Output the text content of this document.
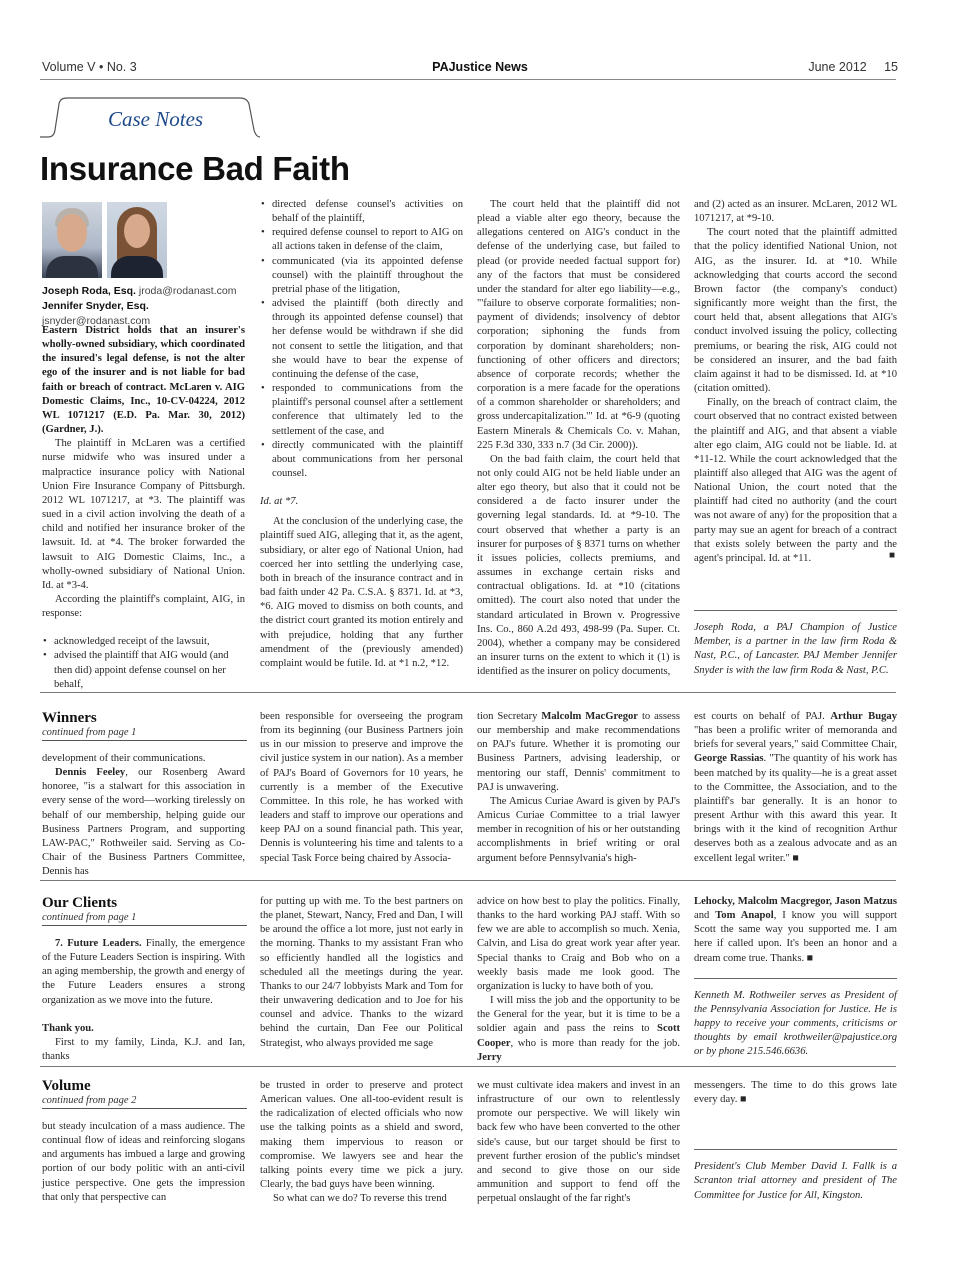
Volume V • No. 3	PAJustice News	June 2012     15
Case Notes
Insurance Bad Faith
Joseph Roda, Esq. jroda@rodanast.com
Jennifer Snyder, Esq. jsnyder@rodanast.com

Eastern District holds that an insurer's wholly-owned subsidiary, which coordinated the insured's legal defense, is not the alter ego of the insurer and is not liable for bad faith or breach of contract. McLaren v. AIG Domestic Claims, Inc., 10-CV-04224, 2012 WL 1071217 (E.D. Pa. Mar. 30, 2012) (Gardner, J.).

The plaintiff in McLaren was a certified nurse midwife who was insured under a malpractice insurance policy with National Union Fire Insurance Company of Pittsburgh. 2012 WL 1071217, at *3. The plaintiff was sued in a civil action involving the death of a child and notified her insurance broker of the lawsuit. Id. at *4. The broker forwarded the lawsuit to AIG Domestic Claims, Inc., a wholly-owned subsidiary of National Union. Id. at *3-4.

According the plaintiff's complaint, AIG, in response:

• acknowledged receipt of the lawsuit,
• advised the plaintiff that AIG would (and then did) appoint defense counsel on her behalf,
• directed defense counsel's activities on behalf of the plaintiff,
• required defense counsel to report to AIG on all actions taken in defense of the claim,
• communicated (via its appointed defense counsel) with the plaintiff throughout the pretrial phase of the litigation,
• advised the plaintiff (both directly and through its appointed defense counsel) that her defense would be withdrawn if she did not consent to settle the litigation, and that she would have to bear the expense of continuing the defense of the case,
• responded to communications from the plaintiff's personal counsel after a settlement conference that ultimately led to the settlement of the case, and
• directly communicated with the plaintiff about communications from her personal counsel.

Id. at *7.

At the conclusion of the underlying case, the plaintiff sued AIG, alleging that it, as the agent, subsidiary, or alter ego of National Union, had coerced her into settling the underlying case, both in breach of the insurance contract and in bad faith under 42 Pa. C.S.A. § 8371. Id. at *3, *6. AIG moved to dismiss on both counts, and the district court granted its motion entirely and with prejudice, holding that any further amendment of the (previously amended) complaint would be futile. Id. at *1 n.2, *12.

The court held that the plaintiff did not plead a viable alter ego theory, because the allegations centered on AIG's conduct in the defense of the underlying case, but failed to plead (or provide needed factual support for) any of the factors that must be considered under the standard for alter ego liability—e.g., "'failure to observe corporate formalities; non-payment of dividends; insolvency of debtor corporation; siphoning the funds from corporation by dominant shareholders; non-functioning of other officers and directors; absence of corporate records; whether the corporation is a mere facade for the operations of a common shareholder or shareholders; and gross undercapitalization.'" Id. at *6-9 (quoting Eastern Minerals & Chemicals Co. v. Mahan, 225 F.3d 330, 333 n.7 (3d Cir. 2000)).

On the bad faith claim, the court held that not only could AIG not be held liable under an alter ego theory, but also that it could not be considered a de facto insurer under the governing legal standards. Id. at *9-10. The court observed that whether a party is an insurer for purposes of § 8371 turns on whether it issues policies, collects premiums, and assumes in exchange certain risks and contractual obligations. Id. at *10 (citations omitted). The court also noted that under the standard articulated in Brown v. Progressive Ins. Co., 860 A.2d 493, 498-99 (Pa. Super. Ct. 2004), whether a company may be considered an insurer turns on the extent to which it (1) is identified as the insurer on policy documents,

and (2) acted as an insurer. McLaren, 2012 WL 1071217, at *9-10.

The court noted that the plaintiff admitted that the policy identified National Union, not AIG, as the insurer. Id. at *10. While acknowledging that courts accord the second Brown factor (the company's conduct) significantly more weight than the first, the court held that, absent allegations that AIG's conduct involved issuing the policy, collecting premiums, or bearing the risk, AIG could not be considered an insurer, and the bad faith claim against it had to be dismissed. Id. at *10 (citation omitted).

Finally, on the breach of contract claim, the court observed that no contract existed between the plaintiff and AIG, and that absent a viable alter ego claim, AIG could not be liable. Id. at *11-12. While the court acknowledged that the plaintiff also alleged that AIG was the agent of National Union, the court noted that the plaintiff had cited no authority (and the court was not aware of any) for the proposition that a party may sue an agent for breach of a contract that exists solely between the party and the agent's principal. Id. at *11.	■

Joseph Roda, a PAJ Champion of Justice Member, is a partner in the law firm Roda & Nast, P.C., of Lancaster. PAJ Member Jennifer Snyder is with the law firm Roda & Nast, P.C.

Winners
continued from page 1

development of their communications.

Dennis Feeley, our Rosenberg Award honoree, "is a stalwart for this association in every sense of the word—working tirelessly on behalf of our membership, helping guide our Business Partners Program, and supporting LAW-PAC," Rothweiler said. Serving as Co-Chair of the Business Partners Committee, Dennis has

been responsible for overseeing the program from its beginning (our Business Partners join us in our mission to preserve and improve the civil justice system in our nation). As a member of PAJ's Board of Governors for 10 years, he currently is a member of the Executive Committee. In this role, he has worked with leaders and staff to improve our operations and keep PAJ on a sound financial path. This year, Dennis is volunteering his time and talents to a special Task Force being chaired by Associa-

tion Secretary Malcolm MacGregor to assess our membership and make recommendations on PAJ's future. Whether it is promoting our Business Partners, advising leadership, or mentoring our staff, Dennis' commitment to PAJ is unwavering.

The Amicus Curiae Award is given by PAJ's Amicus Curiae Committee to a trial lawyer member in recognition of his or her outstanding accomplishments in brief writing or oral argument before Pennsylvania's high-

est courts on behalf of PAJ. Arthur Bugay "has been a prolific writer of memoranda and briefs for several years," said Committee Chair, George Rassias. "The quantity of his work has been matched by its quality—he is a great asset to the Committee, the Association, and to the plaintiff's bar generally. It is an honor to present Arthur with this award this year. It brings with it the kind of recognition Arthur deserves both as a zealous advocate and as an excellent legal writer." ■

Our Clients
continued from page 1

7. Future Leaders. Finally, the emergence of the Future Leaders Section is inspiring. With an aging membership, the growth and energy of the Future Leaders ensures a strong organization as we move into the future.

Thank you.

First to my family, Linda, K.J. and Ian, thanks

for putting up with me. To the best partners on the planet, Stewart, Nancy, Fred and Dan, I will be around the office a lot more, just not early in the morning. Thanks to my assistant Fran who so efficiently handled all the logistics and scheduled all the meetings during the year. Thanks to our 24/7 lobbyists Mark and Tom for their unwavering dedication and to Joe for his counsel and advice. Thanks to the wizard behind the curtain, Dan Fee our Political Strategist, who always provided me sage

advice on how best to play the politics. Finally, thanks to the hard working PAJ staff. With so few we are able to accomplish so much. Xenia, Calvin, and Lisa do great work year after year. Special thanks to Craig and Bob who on a weekly basis made me look good. The organization is lucky to have both of you.

I will miss the job and the opportunity to be the General for the year, but it is time to be a soldier again and pass the reins to Scott Cooper, who is more than ready for the job. Jerry

Lehocky, Malcolm Macgregor, Jason Matzus and Tom Anapol, I know you will support Scott the same way you supported me. I am here if called upon. It's been an honor and a dream come true. Thanks. ■

Kenneth M. Rothweiler serves as President of the Pennsylvania Association for Justice. He is happy to receive your comments, criticisms or thoughts by email krothweiler@pajustice.org or by phone 215.546.6636.

Volume
continued from page 2

but steady inculcation of a mass audience. The continual flow of ideas and reinforcing slogans and arguments has imbued a large and growing portion of our body politic with an anti-civil justice perspective. One gets the impression that only that perspective can

be trusted in order to preserve and protect American values. One all-too-evident result is the radicalization of elected officials who now use the talking points as a shield and sword, making them impervious to reason or compromise. We lawyers see and hear the talking points every time we pick a jury. Clearly, the bad guys have been winning.

So what can we do? To reverse this trend

we must cultivate idea makers and invest in an infrastructure of our own to relentlessly promote our perspective. We will likely win back few who have been converted to the other side's cause, but our target should be first to prevent further erosion of the public's mindset and second to give those on our side ammunition and support to fend off the perpetual onslaught of the far right's

messengers. The time to do this grows late every day. ■

President's Club Member David I. Fallk is a Scranton trial attorney and president of The Committee for Justice for All, Kingston.
